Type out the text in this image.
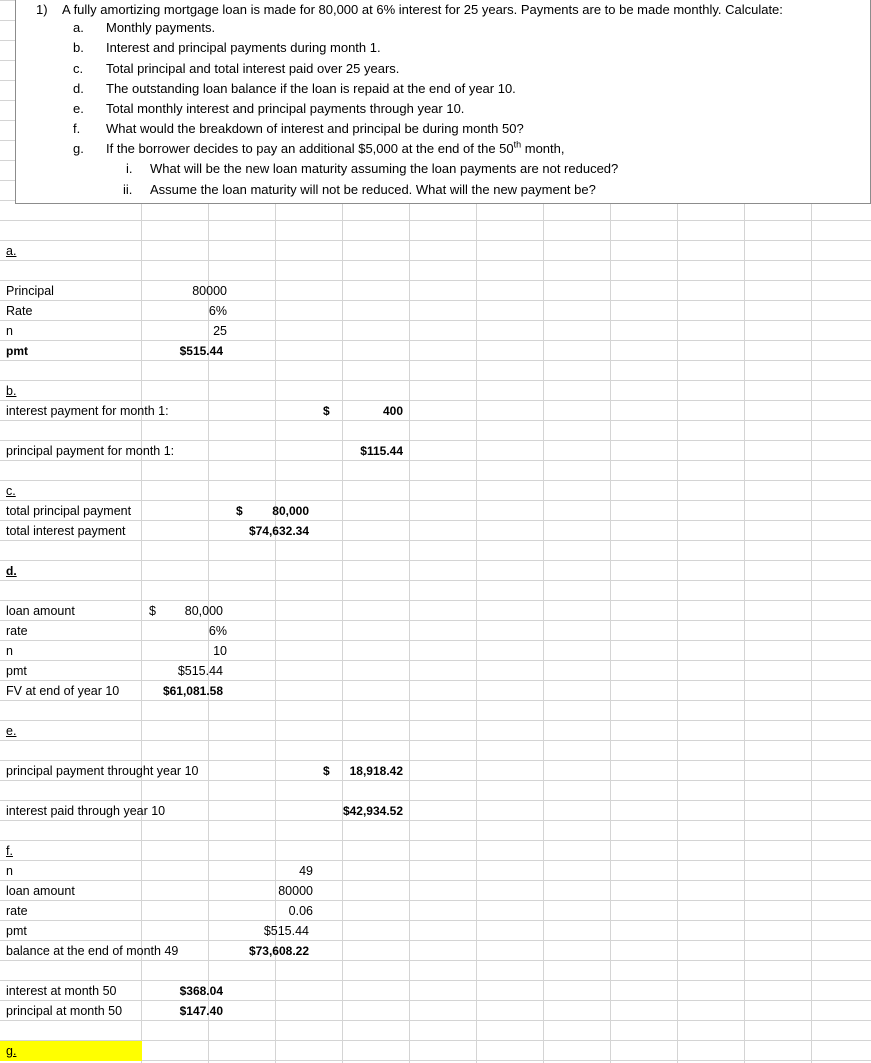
1) A fully amortizing mortgage loan is made for 80,000 at 6% interest for 25 years. Payments are to be made monthly. Calculate:
a. Monthly payments.
b. Interest and principal payments during month 1.
c. Total principal and total interest paid over 25 years.
d. The outstanding loan balance if the loan is repaid at the end of year 10.
e. Total monthly interest and principal payments through year 10.
f. What would the breakdown of interest and principal be during month 50?
g. If the borrower decides to pay an additional $5,000 at the end of the 50th month,
i. What will be the new loan maturity assuming the loan payments are not reduced?
ii. Assume the loan maturity will not be reduced. What will the new payment be?
a.
Principal	80000
Rate	6%
n	25
pmt	$515.44
b.
interest payment for month 1:	$	400
principal payment for month 1:	$115.44
c.
total principal payment	$	80,000
total interest payment	$74,632.34
d.
loan amount	$	80,000
rate	6%
n	10
pmt	$515.44
FV at end of year 10	$61,081.58
e.
principal payment throught year 10	$	18,918.42
interest paid through year 10	$42,934.52
f.
n	49
loan amount	80000
rate	0.06
pmt	$515.44
balance at the end of month 49	$73,608.22
interest at month 50	$368.04
principal at month 50	$147.40
g.
